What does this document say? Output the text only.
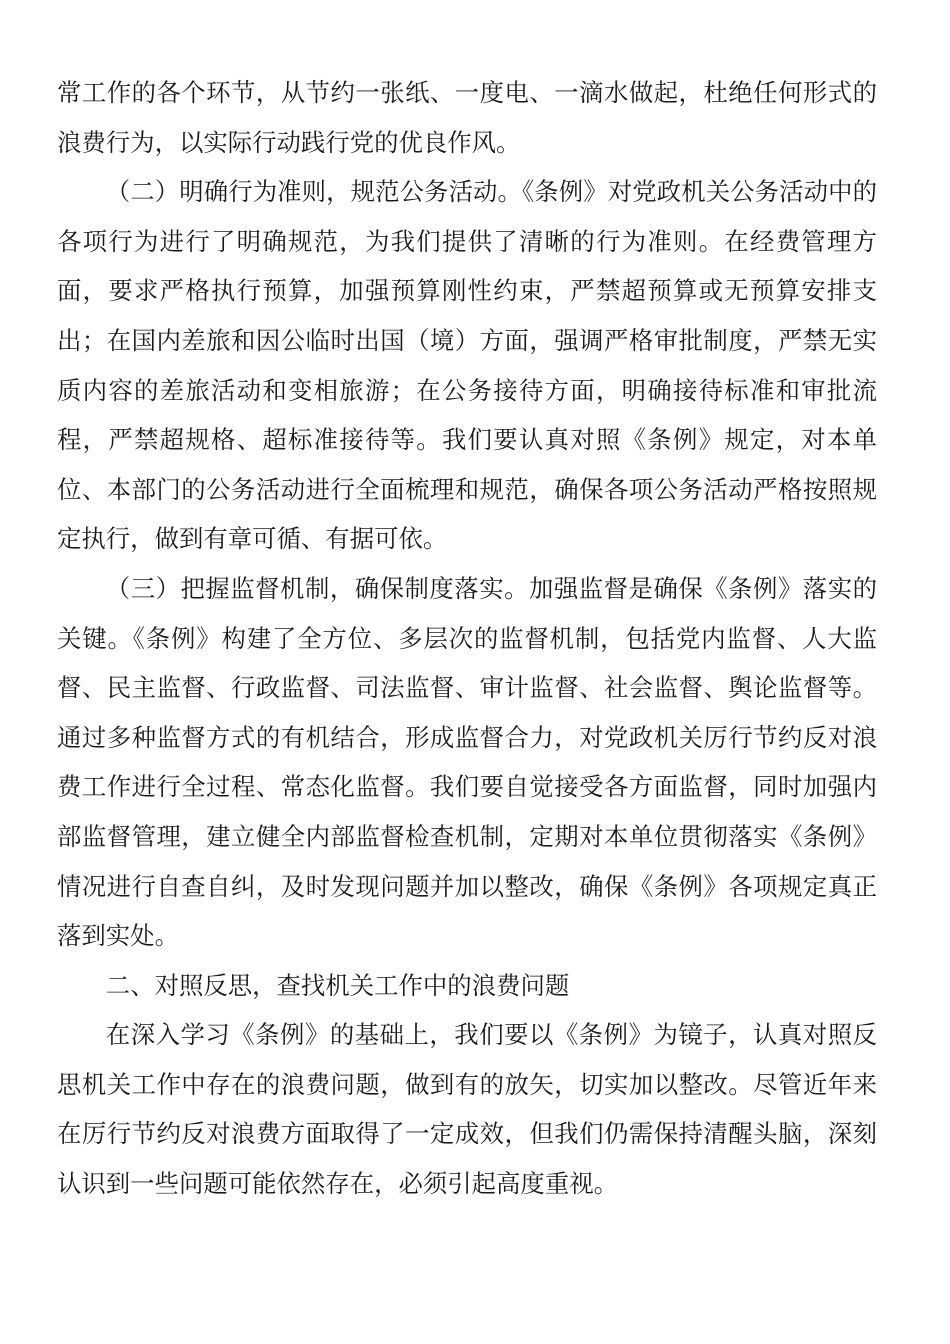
常工作的各个环节，从节约一张纸、一度电、一滴水做起，杜绝任何形式的浪费行为，以实际行动践行党的优良作风。

（二）明确行为准则，规范公务活动。《条例》对党政机关公务活动中的各项行为进行了明确规范，为我们提供了清晰的行为准则。在经费管理方面，要求严格执行预算，加强预算刚性约束，严禁超预算或无预算安排支出；在国内差旅和因公临时出国（境）方面，强调严格审批制度，严禁无实质内容的差旅活动和变相旅游；在公务接待方面，明确接待标准和审批流程，严禁超规格、超标准接待等。我们要认真对照《条例》规定，对本单位、本部门的公务活动进行全面梳理和规范，确保各项公务活动严格按照规定执行，做到有章可循、有据可依。

（三）把握监督机制，确保制度落实。加强监督是确保《条例》落实的关键。《条例》构建了全方位、多层次的监督机制，包括党内监督、人大监督、民主监督、行政监督、司法监督、审计监督、社会监督、舆论监督等。通过多种监督方式的有机结合，形成监督合力，对党政机关厉行节约反对浪费工作进行全过程、常态化监督。我们要自觉接受各方面监督，同时加强内部监督管理，建立健全内部监督检查机制，定期对本单位贯彻落实《条例》情况进行自查自纠，及时发现问题并加以整改，确保《条例》各项规定真正落到实处。

二、对照反思，查找机关工作中的浪费问题

在深入学习《条例》的基础上，我们要以《条例》为镜子，认真对照反思机关工作中存在的浪费问题，做到有的放矢，切实加以整改。尽管近年来在厉行节约反对浪费方面取得了一定成效，但我们仍需保持清醒头脑，深刻认识到一些问题可能依然存在，必须引起高度重视。
